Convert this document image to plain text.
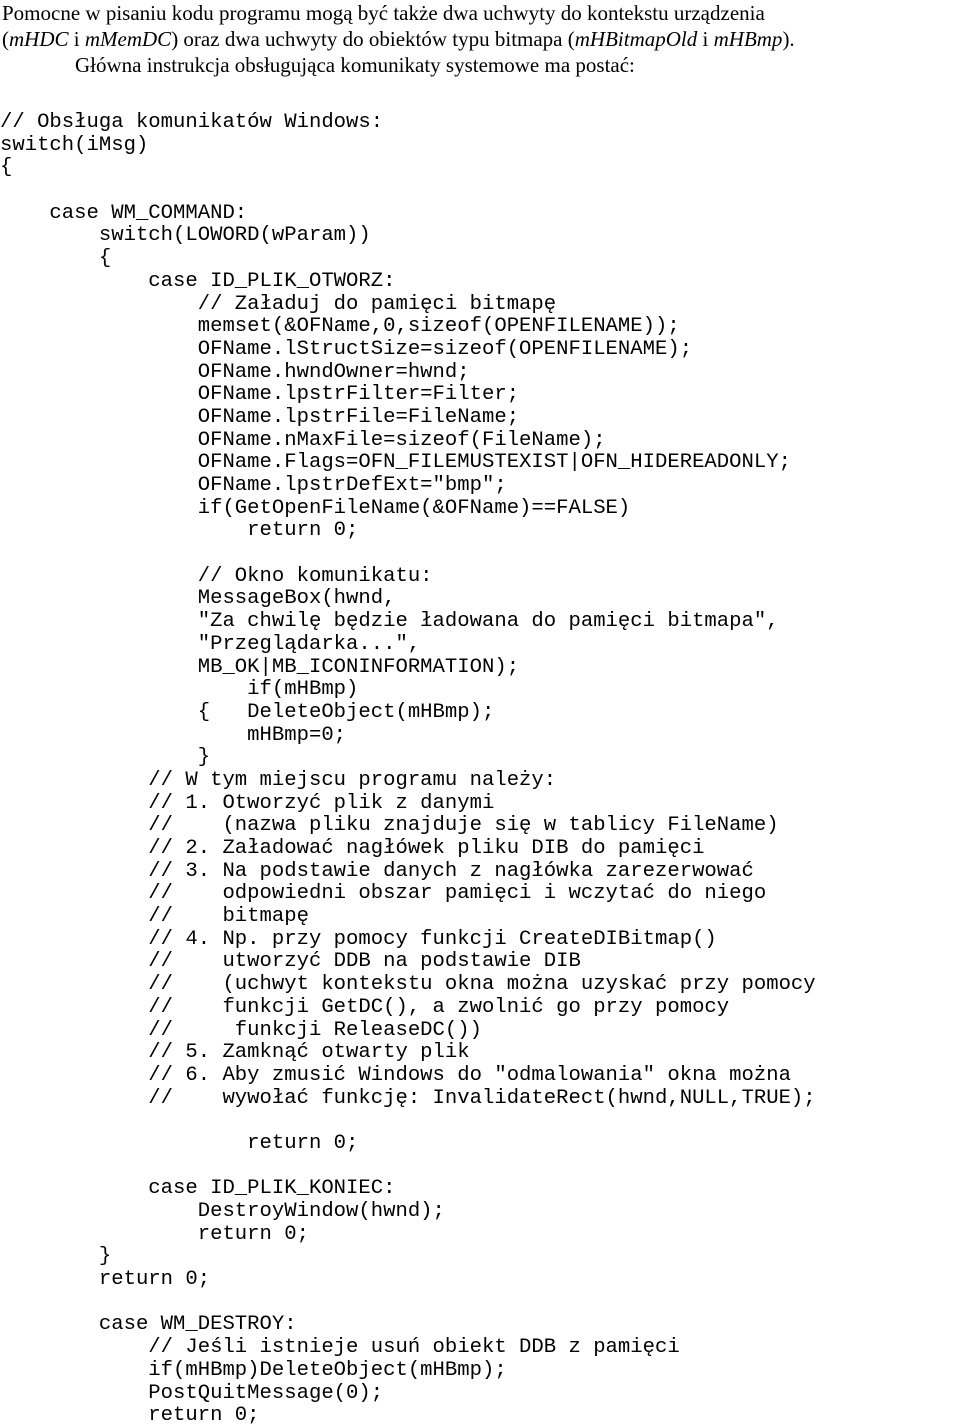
Pomocne w pisaniu kodu programu mogą być także dwa uchwyty do kontekstu urządzenia

(mHDC i mMemDC) oraz dwa uchwyty do obiektów typu bitmapa (mHBitmapOld i mHBmp).

Główna instrukcja obsługująca komunikaty systemowe ma postać:

// Obsługa komunikatów Windows:
switch(iMsg)
{
case WM_COMMAND:
switch(LOWORD(wParam))
{
case ID_PLIK_OTWORZ:
// Załaduj do pamięci bitmapę
memset(&OFName,0,sizeof(OPENFILENAME));
OFName.lStructSize=sizeof(OPENFILENAME);
OFName.hwndOwner=hwnd;
OFName.lpstrFilter=Filter;
OFName.lpstrFile=FileName;
OFName.nMaxFile=sizeof(FileName);
OFName.Flags=OFN_FILEMUSTEXIST|OFN_HIDEREADONLY;
OFName.lpstrDefExt="bmp";
if(GetOpenFileName(&OFName)==FALSE)
return 0;
// Okno komunikatu:
MessageBox(hwnd,
"Za chwilę będzie ładowana do pamięci bitmapa",
"Przeglądarka...",
MB_OK|MB_ICONINFORMATION);
if(mHBmp)
{   DeleteObject(mHBmp);
mHBmp=0;
}
// W tym miejscu programu należy:
// 1. Otworzyć plik z danymi
//    (nazwa pliku znajduje się w tablicy FileName)
// 2. Załadować nagłówek pliku DIB do pamięci
// 3. Na podstawie danych z nagłówka zarezerwować
//    odpowiedni obszar pamięci i wczytać do niego
//    bitmapę
// 4. Np. przy pomocy funkcji CreateDIBitmap()
//    utworzyć DDB na podstawie DIB
//    (uchwyt kontekstu okna można uzyskać przy pomocy
//    funkcji GetDC(), a zwolnić go przy pomocy
//     funkcji ReleaseDC())
// 5. Zamknąć otwarty plik
// 6. Aby zmusić Windows do "odmalowania" okna można
//    wywołać funkcję: InvalidateRect(hwnd,NULL,TRUE);
return 0;
case ID_PLIK_KONIEC:
DestroyWindow(hwnd);
return 0;
}
return 0;
case WM_DESTROY:
// Jeśli istnieje usuń obiekt DDB z pamięci
if(mHBmp)DeleteObject(mHBmp);
PostQuitMessage(0);
return 0;
